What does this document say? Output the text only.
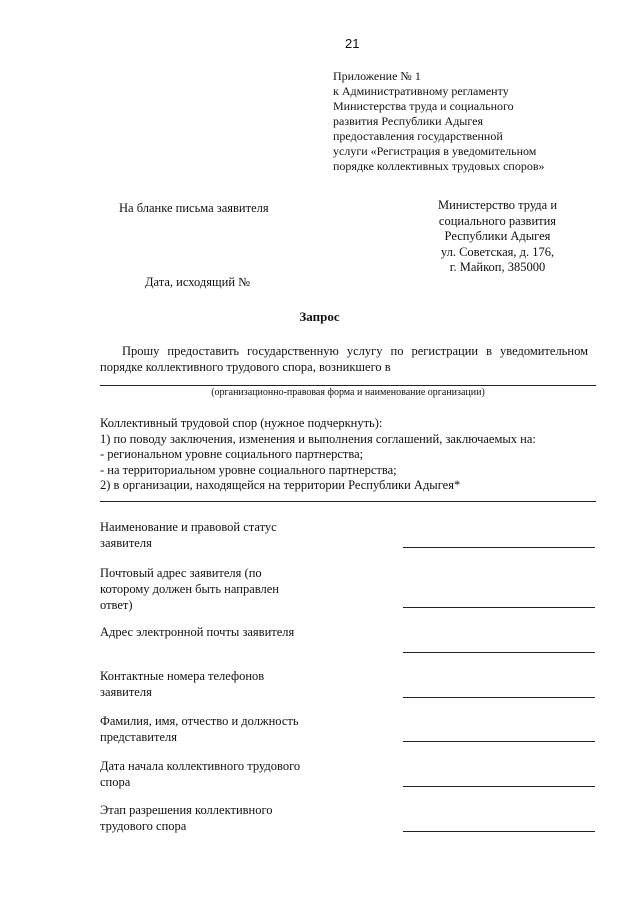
21
Приложение № 1
к Административному регламенту
Министерства труда и социального
развития Республики Адыгея
предоставления государственной
услуги «Регистрация в уведомительном
порядке коллективных трудовых споров»
На бланке письма заявителя	Министерство труда и
социального развития
Республики Адыгея
ул. Советская, д. 176,
г. Майкоп, 385000
Дата, исходящий №
Запрос
Прошу предоставить государственную услугу по регистрации в уведомительном
порядке коллективного трудового спора, возникшего в
(организационно-правовая форма и наименование организации)
Коллективный трудовой спор (нужное подчеркнуть):
1) по поводу заключения, изменения и выполнения соглашений, заключаемых на:
- региональном уровне социального партнерства;
- на территориальном уровне социального партнерства;
2) в организации, находящейся на территории Республики Адыгея*
Наименование и правовой статус заявителя
Почтовый адрес заявителя (по которому должен быть направлен ответ)
Адрес электронной почты заявителя
Контактные номера телефонов заявителя
Фамилия, имя, отчество и должность представителя
Дата начала коллективного трудового спора
Этап разрешения коллективного трудового спора
